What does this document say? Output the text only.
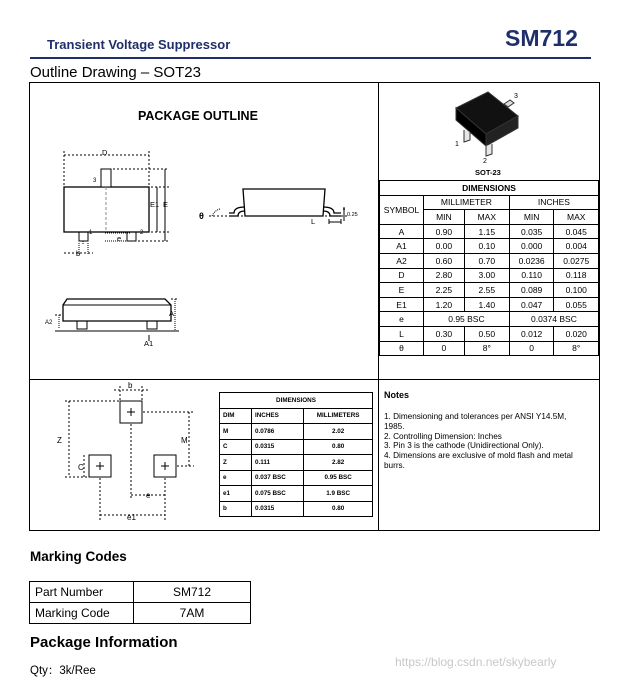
Transient Voltage Suppressor	SM712
Outline Drawing – SOT23
PACKAGE OUTLINE
D
E1 E
e
b
3
1	2
θ
L
0.25
A
A1
A2
3
1
2
SOT-23
DIMENSIONS				
SYMBOL	MILLIMETER		INCHES	
	MIN	MAX	MIN	MAX
A	0.90	1.15	0.035	0.045
A1	0.00	0.10	0.000	0.004
A2	0.60	0.70	0.0236	0.0275
D	2.80	3.00	0.110	0.118
E	2.25	2.55	0.089	0.100
E1	1.20	1.40	0.047	0.055
e	0.95 BSC		0.0374 BSC	
L	0.30	0.50	0.012	0.020
θ	0	8°	0	8°
b
Z
C
M
e
e1
DIMENSIONS		
DIM	INCHES	MILLIMETERS
M	0.0786	2.02
C	0.0315	0.80
Z	0.111	2.82
e	0.037 BSC	0.95 BSC
e1	0.075 BSC	1.9 BSC
b	0.0315	0.80
Notes
1. Dimensioning and tolerances per ANSI Y14.5M, 1985.
2. Controlling Dimension: Inches
3. Pin 3 is the cathode (Unidirectional Only).
4. Dimensions are exclusive of mold flash and metal burrs.
Marking Codes
Part Number	SM712
Marking Code	7AM
Package Information
Qty：3k/Ree
https://blog.csdn.net/skybearly
